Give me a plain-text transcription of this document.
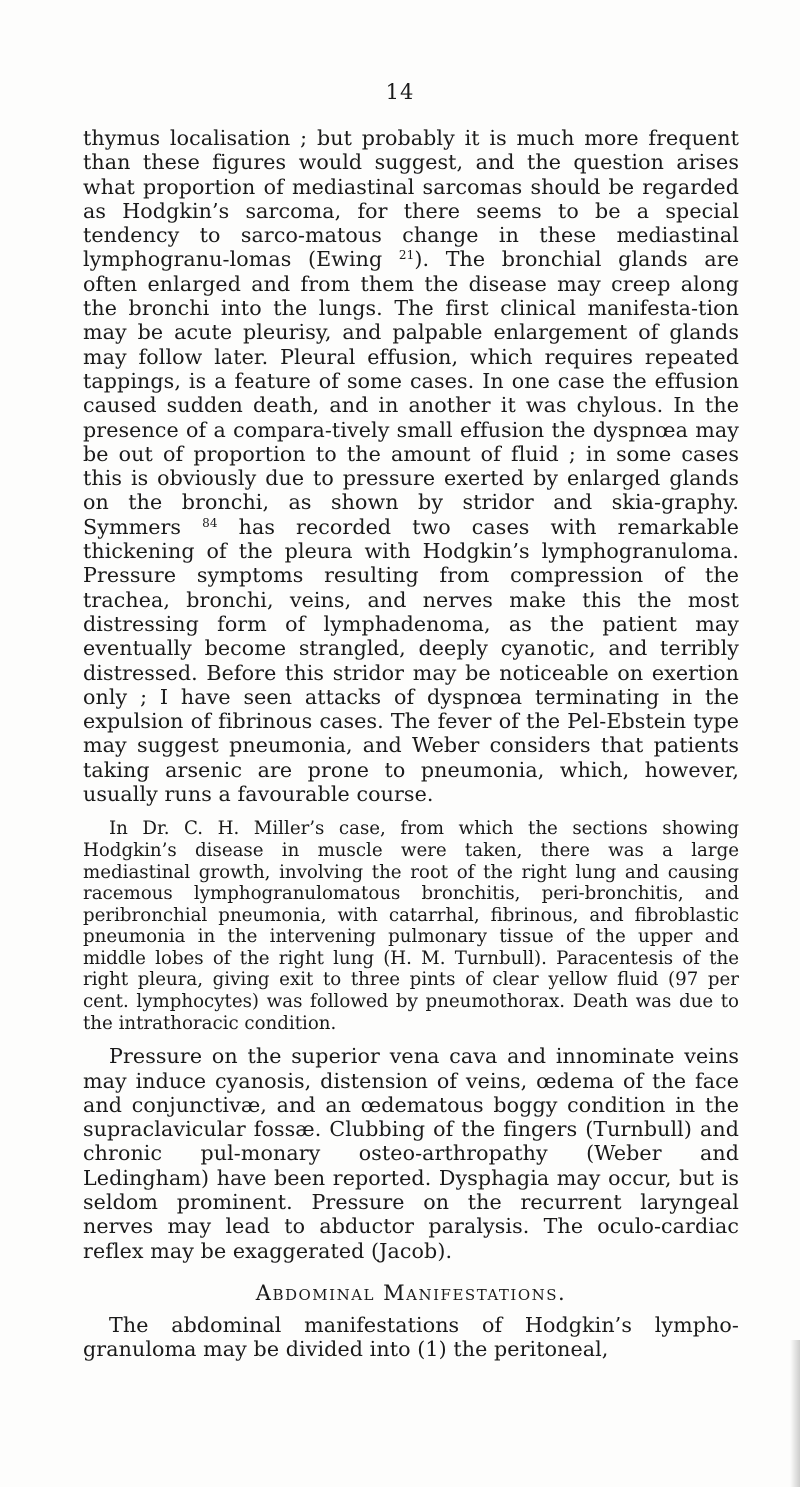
14

thymus localisation ; but probably it is much more frequent than these figures would suggest, and the question arises what proportion of mediastinal sarcomas should be regarded as Hodgkin’s sarcoma, for there seems to be a special tendency to sarco-matous change in these mediastinal lymphogranu-lomas (Ewing $^{21}$). The bronchial glands are often enlarged and from them the disease may creep along the bronchi into the lungs. The first clinical manifesta-tion may be acute pleurisy, and palpable enlargement of glands may follow later. Pleural effusion, which requires repeated tappings, is a feature of some cases. In one case the effusion caused sudden death, and in another it was chylous. In the presence of a compara-tively small effusion the dyspnœa may be out of proportion to the amount of fluid ; in some cases this is obviously due to pressure exerted by enlarged glands on the bronchi, as shown by stridor and skia-graphy. Symmers $^{84}$ has recorded two cases with remarkable thickening of the pleura with Hodgkin’s lymphogranuloma. Pressure symptoms resulting from compression of the trachea, bronchi, veins, and nerves make this the most distressing form of lymphadenoma, as the patient may eventually become strangled, deeply cyanotic, and terribly distressed. Before this stridor may be noticeable on exertion only ; I have seen attacks of dyspnœa terminating in the expulsion of fibrinous cases. The fever of the Pel-Ebstein type may suggest pneumonia, and Weber considers that patients taking arsenic are prone to pneumonia, which, however, usually runs a favourable course.

In Dr. C. H. Miller’s case, from which the sections showing Hodgkin’s disease in muscle were taken, there was a large mediastinal growth, involving the root of the right lung and causing racemous lymphogranulomatous bronchitis, peri-bronchitis, and peribronchial pneumonia, with catarrhal, fibrinous, and fibroblastic pneumonia in the intervening pulmonary tissue of the upper and middle lobes of the right lung (H. M. Turnbull). Paracentesis of the right pleura, giving exit to three pints of clear yellow fluid (97 per cent. lymphocytes) was followed by pneumothorax. Death was due to the intrathoracic condition.

Pressure on the superior vena cava and innominate veins may induce cyanosis, distension of veins, œdema of the face and conjunctivæ, and an œdematous boggy condition in the supraclavicular fossæ. Clubbing of the fingers (Turnbull) and chronic pul-monary osteo-arthropathy (Weber and Ledingham) have been reported. Dysphagia may occur, but is seldom prominent. Pressure on the recurrent laryngeal nerves may lead to abductor paralysis. The oculo-cardiac reflex may be exaggerated (Jacob).

Abdominal Manifestations.

The abdominal manifestations of Hodgkin’s lympho-granuloma may be divided into (1) the peritoneal,
